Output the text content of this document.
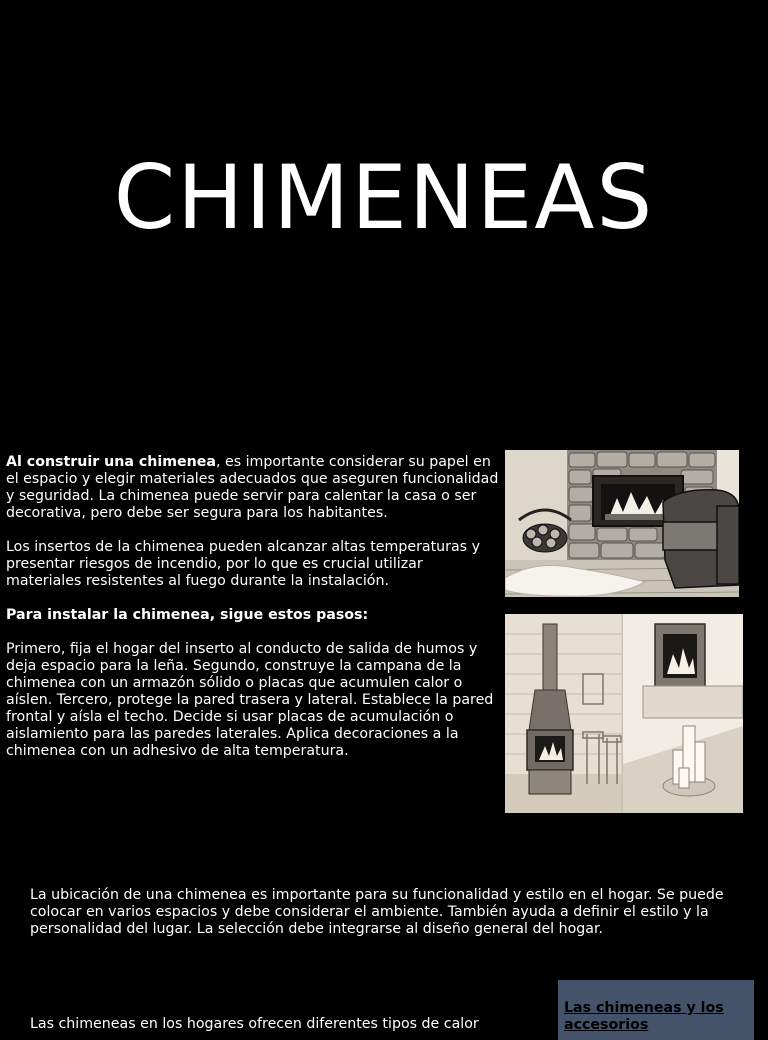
CHIMENEAS

Al construir una chimenea, es importante considerar su papel en el espacio y elegir materiales adecuados que aseguren funcionalidad y seguridad. La chimenea puede servir para calentar la casa o ser decorativa, pero debe ser segura para los habitantes.

Los insertos de la chimenea pueden alcanzar altas temperaturas y presentar riesgos de incendio, por lo que es crucial utilizar materiales resistentes al fuego durante la instalación.

Para instalar la chimenea, sigue estos pasos:

Primero, fija el hogar del inserto al conducto de salida de humos y deja espacio para la leña. Segundo, construye la campana de la chimenea con un armazón sólido o placas que acumulen calor o aíslen. Tercero, protege la pared trasera y lateral. Establece la pared frontal y aísla el techo. Decide si usar placas de acumulación o aislamiento para las paredes laterales. Aplica decoraciones a la chimenea con un adhesivo de alta temperatura.

La ubicación de una chimenea es importante para su funcionalidad y estilo en el hogar. Se puede colocar en varios espacios y debe considerar el ambiente. También ayuda a definir el estilo y la personalidad del lugar. La selección debe integrarse al diseño general del hogar.

Las chimeneas en los hogares ofrecen diferentes tipos de calor

Las chimeneas y los accesorios
